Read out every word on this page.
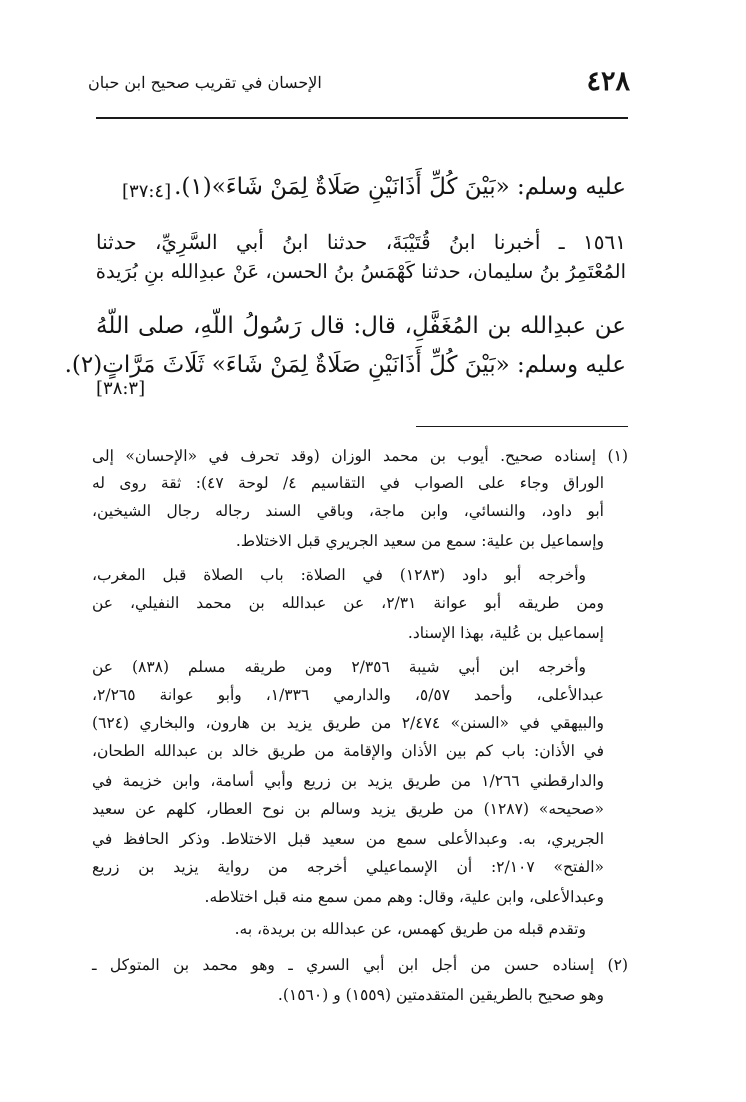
٤٢٨
الإحسان في تقريب صحيح ابن حبان
عليه وسلم: «بَيْنَ كُلِّ أَذَانَيْنِ صَلَاةٌ لِمَنْ شَاءَ»(١).
[٣٧:٤]
١٥٦١ ـ أخبرنا ابنُ قُتَيْبَةَ، حدثنا ابنُ أبي السَّرِيِّ، حدثنا
المُعْتَمِرُ بنُ سليمان، حدثنا كَهْمَسُ بنُ الحسن، عَنْ عبدِالله بنِ بُرَيدة
عن عبدِالله بن المُغَفَّلِ، قال: قال رَسُولُ اللّهِ، صلى اللّهُ
عليه وسلم: «بَيْنَ كُلِّ أَذَانَيْنِ صَلَاةٌ لِمَنْ شَاءَ» ثَلَاثَ مَرَّاتٍ(٢).
[٣٨:٣]
(١) إسناده صحيح. أيوب بن محمد الوزان (وقد تحرف في «الإحسان» إلى
الوراق وجاء على الصواب في التقاسيم ٤/ لوحة ٤٧): ثقة روى له
أبو داود، والنسائي، وابن ماجة، وباقي السند رجاله رجال الشيخين،
وإسماعيل بن علية: سمع من سعيد الجريري قبل الاختلاط.
وأخرجه أبو داود (١٢٨٣) في الصلاة: باب الصلاة قبل المغرب،
ومن طريقه أبو عوانة ٢/٣١، عن عبدالله بن محمد النفيلي، عن
إسماعيل بن عُلية، بهذا الإسناد.
وأخرجه ابن أبي شيبة ٢/٣٥٦ ومن طريقه مسلم (٨٣٨) عن
عبدالأعلى، وأحمد ٥/٥٧، والدارمي ١/٣٣٦، وأبو عوانة ٢/٢٦٥،
والبيهقي في «السنن» ٢/٤٧٤ من طريق يزيد بن هارون، والبخاري (٦٢٤)
في الأذان: باب كم بين الأذان والإقامة من طريق خالد بن عبدالله الطحان،
والدارقطني ١/٢٦٦ من طريق يزيد بن زريع وأبي أسامة، وابن خزيمة في
«صحيحه» (١٢٨٧) من طريق يزيد وسالم بن نوح العطار، كلهم عن سعيد
الجريري، به. وعبدالأعلى سمع من سعيد قبل الاختلاط. وذكر الحافظ في
«الفتح» ٢/١٠٧: أن الإسماعيلي أخرجه من رواية يزيد بن زريع
وعبدالأعلى، وابن علية، وقال: وهم ممن سمع منه قبل اختلاطه.
وتقدم قبله من طريق كهمس، عن عبدالله بن بريدة، به.
(٢) إسناده حسن من أجل ابن أبي السري ـ وهو محمد بن المتوكل ـ
وهو صحيح بالطريقين المتقدمتين (١٥٥٩) و (١٥٦٠).
